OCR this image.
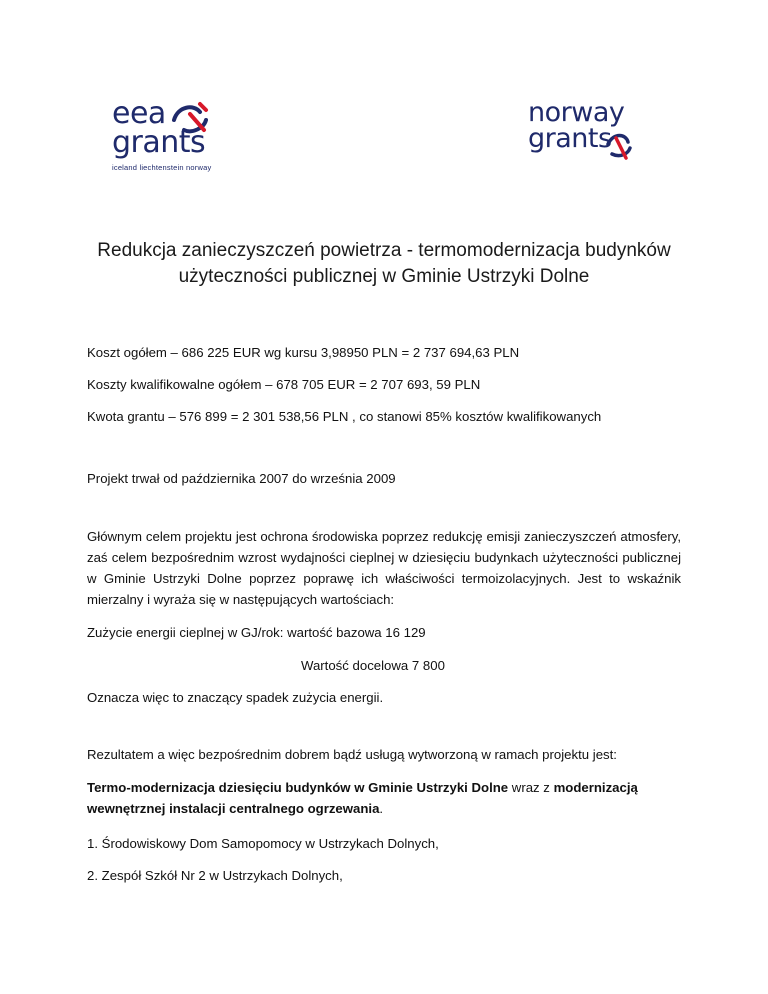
eea
grants
iceland liechtenstein norway
norway
grants
Redukcja zanieczyszczeń powietrza - termomodernizacja budynków
użyteczności publicznej w Gminie Ustrzyki Dolne

Koszt ogółem – 686 225 EUR wg kursu 3,98950 PLN = 2 737 694,63 PLN

Koszty kwalifikowalne ogółem – 678 705 EUR = 2 707 693, 59 PLN

Kwota grantu – 576 899 = 2 301 538,56 PLN , co stanowi 85% kosztów kwalifikowanych

Projekt trwał od października 2007 do września 2009

Głównym celem projektu jest ochrona środowiska poprzez redukcję emisji zanieczyszczeń atmosfery, zaś celem bezpośrednim wzrost wydajności cieplnej w dziesięciu budynkach użyteczności publicznej w Gminie Ustrzyki Dolne poprzez poprawę ich właściwości termoizolacyjnych. Jest to wskaźnik mierzalny i wyraża się w następujących wartościach:

Zużycie energii cieplnej w GJ/rok: wartość bazowa 16 129

Wartość docelowa 7 800

Oznacza więc to znaczący spadek zużycia energii.

Rezultatem a więc bezpośrednim dobrem bądź usługą wytworzoną w ramach projektu jest:

Termo-modernizacja dziesięciu budynków w Gminie Ustrzyki Dolne wraz z modernizacją wewnętrznej instalacji centralnego ogrzewania.

1. Środowiskowy Dom Samopomocy w Ustrzykach Dolnych,

2. Zespół Szkół Nr 2 w Ustrzykach Dolnych,
